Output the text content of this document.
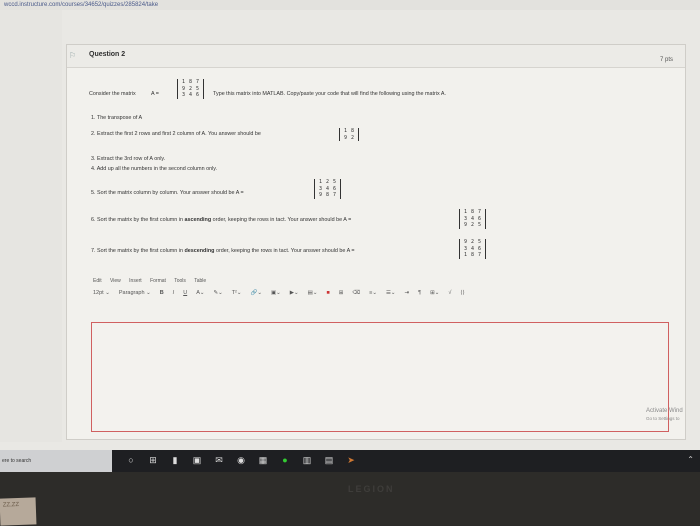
wccd.instructure.com/courses/34652/quizzes/285824/take
⚐ Question 2
7 pts
Consider the matrix	A =
1 8 7
9 2 5
3 4 6	Type this matrix into MATLAB. Copy/paste your code that will find the following using the matrix A.
1. The transpose of A
2. Extract the first 2 rows and first 2 column of A. You answer should be	1 8
9 2
3. Extract the 3rd row of A only.
4. Add up all the numbers in the second column only.
5. Sort the matrix column by column. Your answer should be A =
1 2 5
3 4 6
9 8 7
6. Sort the matrix by the first column in ascending order, keeping the rows in tact. Your answer should be A =
1 8 7
3 4 6
9 2 5
7. Sort the matrix by the first column in descending order, keeping the rows in tact. Your answer should be A =
9 2 5
3 4 6
1 8 7
Edit View Insert Format Tools Table
12pt ⌄ Paragraph ⌄ B I U A⌄ ✎⌄ T²⌄ 🔗⌄ ▣⌄ ▶⌄ ▤⌄ ■ ⊞ ⌫ ≡⌄ ☰⌄ ⇥ ¶ ⊞⌄ √ ⟨⟩
Activate Wind
Go to Settings to
ere to search	○ ⊞ ▮ ▣ ✉ ◉ ▦ ● ▥ ▤ ➤	⌃
LEGION
ZZ,ZZ
